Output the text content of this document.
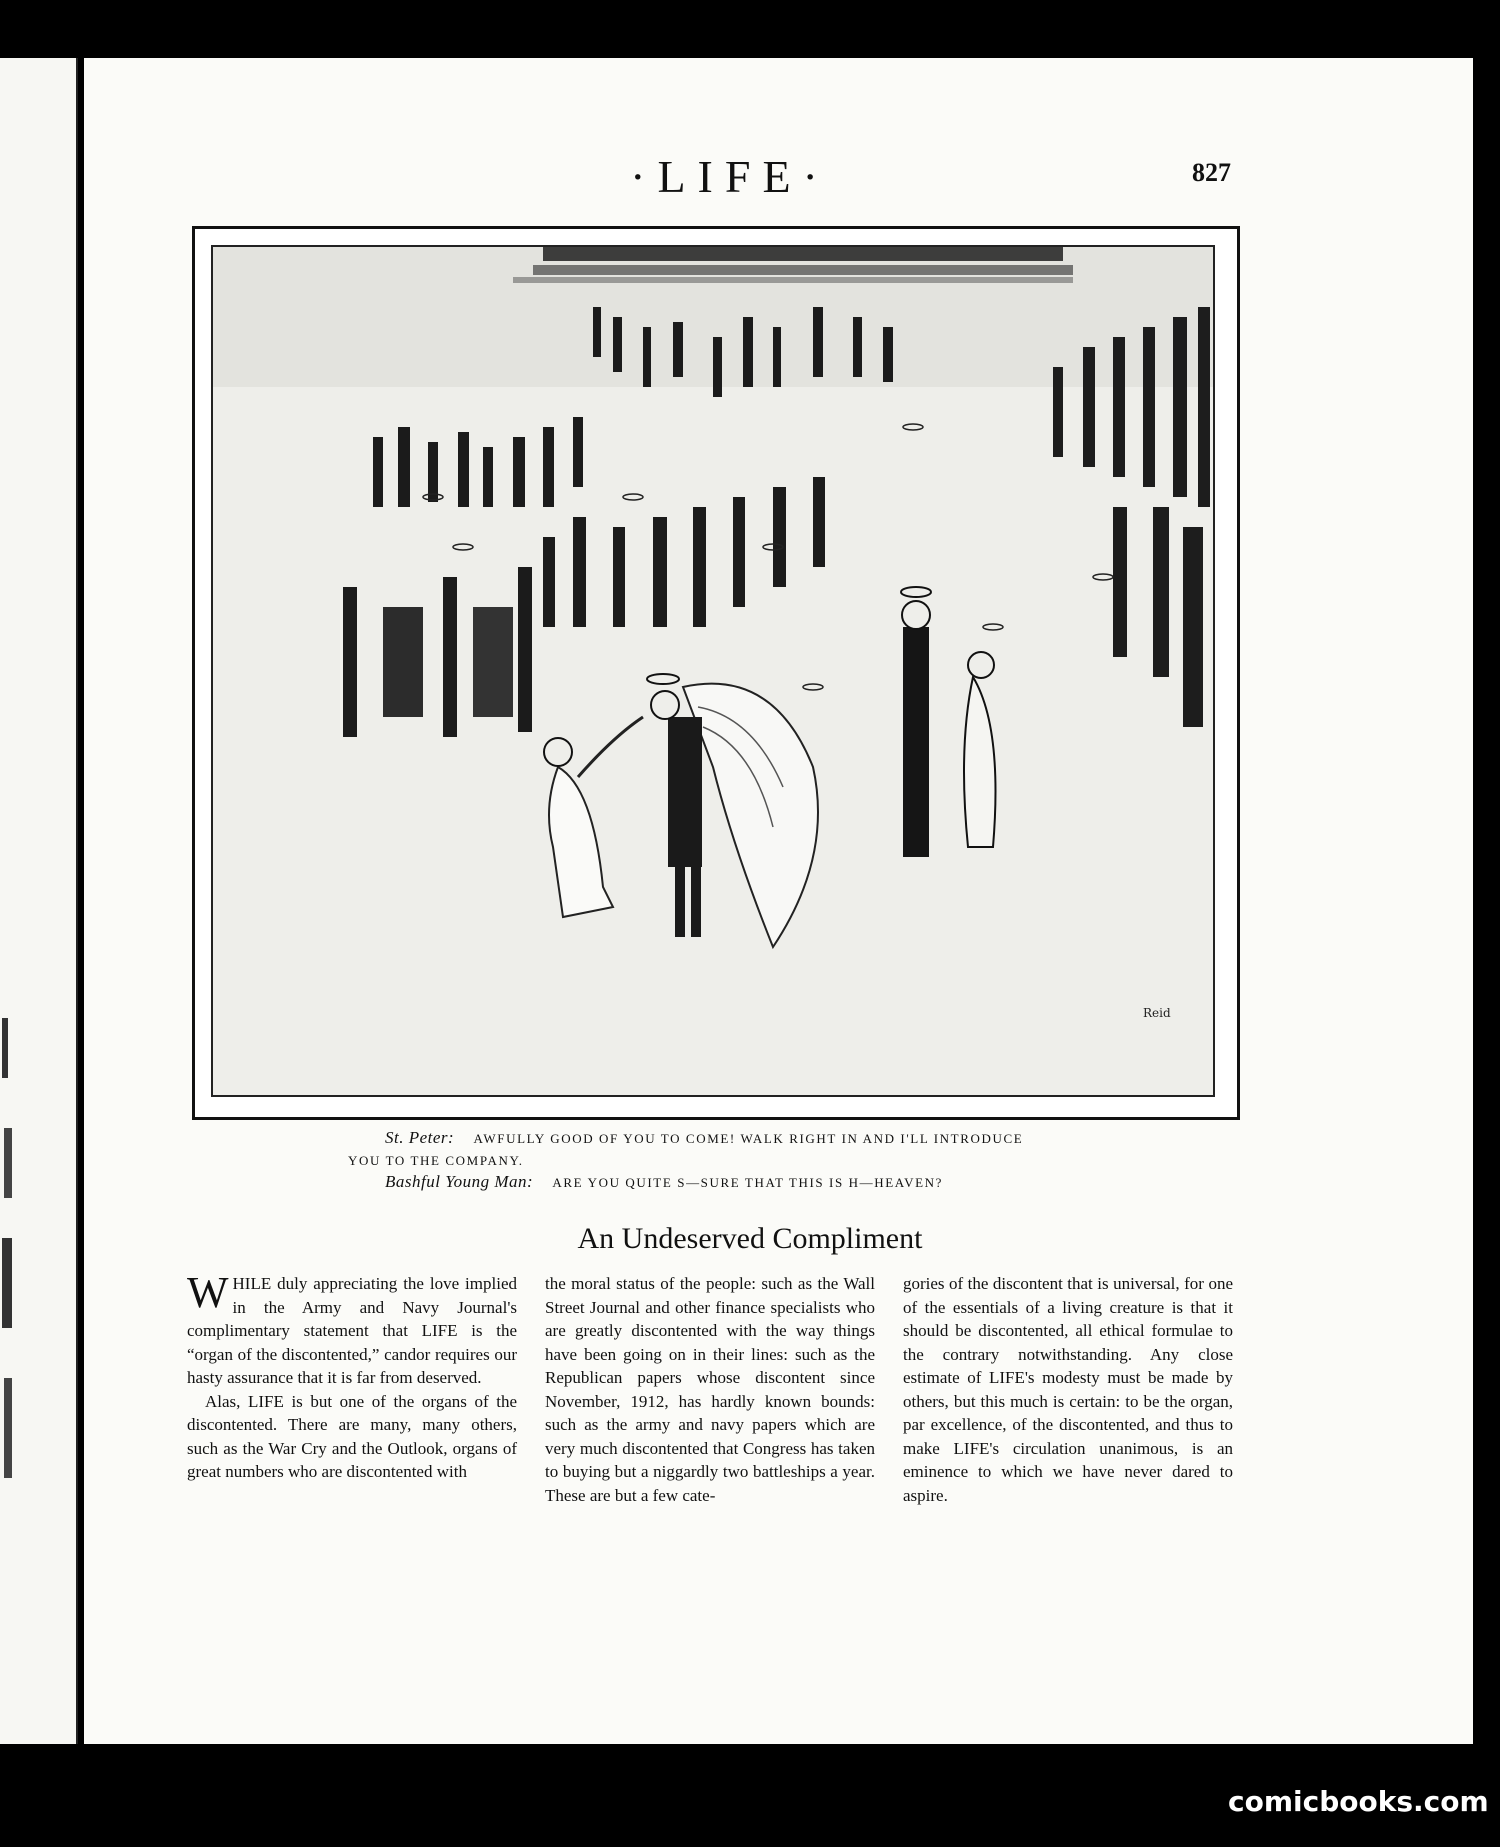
·LIFE·	827
Reid
St. Peter: AWFULLY GOOD OF YOU TO COME! WALK RIGHT IN AND I'LL INTRODUCE
YOU TO THE COMPANY.
Bashful Young Man: ARE YOU QUITE S—SURE THAT THIS IS H—HEAVEN?
An Undeserved Compliment

WHILE duly appreciating the love implied in the Army and Navy Journal's complimentary statement that LIFE is the “organ of the discontented,” candor requires our hasty assurance that it is far from deserved.

Alas, LIFE is but one of the organs of the discontented. There are many, many others, such as the War Cry and the Outlook, organs of great numbers who are discontented with

the moral status of the people: such as the Wall Street Journal and other finance specialists who are greatly discontented with the way things have been going on in their lines: such as the Republican papers whose discontent since November, 1912, has hardly known bounds: such as the army and navy papers which are very much discontented that Congress has taken to buying but a niggardly two battleships a year. These are but a few cate-

gories of the discontent that is universal, for one of the essentials of a living creature is that it should be discontented, all ethical formulae to the contrary notwithstanding. Any close estimate of LIFE's modesty must be made by others, but this much is certain: to be the organ, par excellence, of the discontented, and thus to make LIFE's circulation unanimous, is an eminence to which we have never dared to aspire.

comicbooks.com
